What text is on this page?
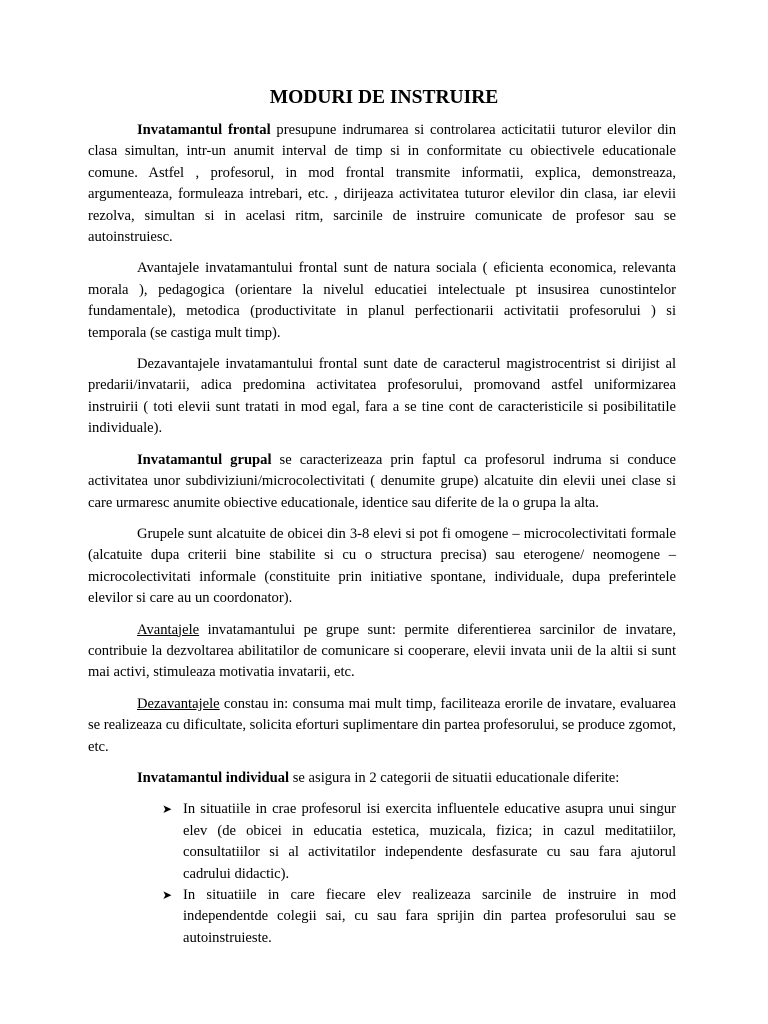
MODURI DE INSTRUIRE

Invatamantul frontal presupune indrumarea si controlarea acticitatii tuturor elevilor din clasa simultan, intr-un anumit interval de timp si in conformitate cu obiectivele educationale comune. Astfel , profesorul, in mod frontal transmite informatii, explica, demonstreaza, argumenteaza, formuleaza intrebari, etc. , dirijeaza activitatea tuturor elevilor din clasa, iar elevii rezolva, simultan si in acelasi ritm, sarcinile de instruire comunicate de profesor sau se autoinstruiesc.

Avantajele invatamantului frontal sunt de natura sociala ( eficienta economica, relevanta morala ), pedagogica (orientare la nivelul educatiei intelectuale pt insusirea cunostintelor fundamentale), metodica (productivitate in planul perfectionarii activitatii profesorului ) si temporala (se castiga mult timp).

Dezavantajele invatamantului frontal sunt date de caracterul magistrocentrist si dirijist al predarii/invatarii, adica predomina activitatea profesorului, promovand astfel uniformizarea instruirii ( toti elevii sunt tratati in mod egal, fara a se tine cont de caracteristicile si posibilitatile individuale).

Invatamantul grupal se caracterizeaza prin faptul ca profesorul indruma si conduce activitatea unor subdiviziuni/microcolectivitati ( denumite grupe) alcatuite din elevii unei clase si care urmaresc anumite obiective educationale, identice sau diferite de la o grupa la alta.

Grupele sunt alcatuite de obicei din 3-8 elevi si pot fi omogene – microcolectivitati formale (alcatuite dupa criterii bine stabilite si cu o structura precisa) sau eterogene/ neomogene – microcolectivitati informale (constituite prin initiative spontane, individuale, dupa preferintele elevilor si care au un coordonator).

Avantajele invatamantului pe grupe sunt: permite diferentierea sarcinilor de invatare, contribuie la dezvoltarea abilitatilor de comunicare si cooperare, elevii invata unii de la altii si sunt mai activi, stimuleaza motivatia invatarii, etc.

Dezavantajele constau in: consuma mai mult timp, faciliteaza erorile de invatare, evaluarea se realizeaza cu dificultate, solicita eforturi suplimentare din partea profesorului, se produce zgomot, etc.

Invatamantul individual se asigura in 2 categorii de situatii educationale diferite:

➤ In situatiile in crae profesorul isi exercita influentele educative asupra unui singur elev (de obicei in educatia estetica, muzicala, fizica; in cazul meditatiilor, consultatiilor si al activitatilor independente desfasurate cu sau fara ajutorul cadrului didactic).
➤ In situatiile in care fiecare elev realizeaza sarcinile de instruire in mod independentde colegii sai, cu sau fara sprijin din partea profesorului sau se autoinstruieste.
